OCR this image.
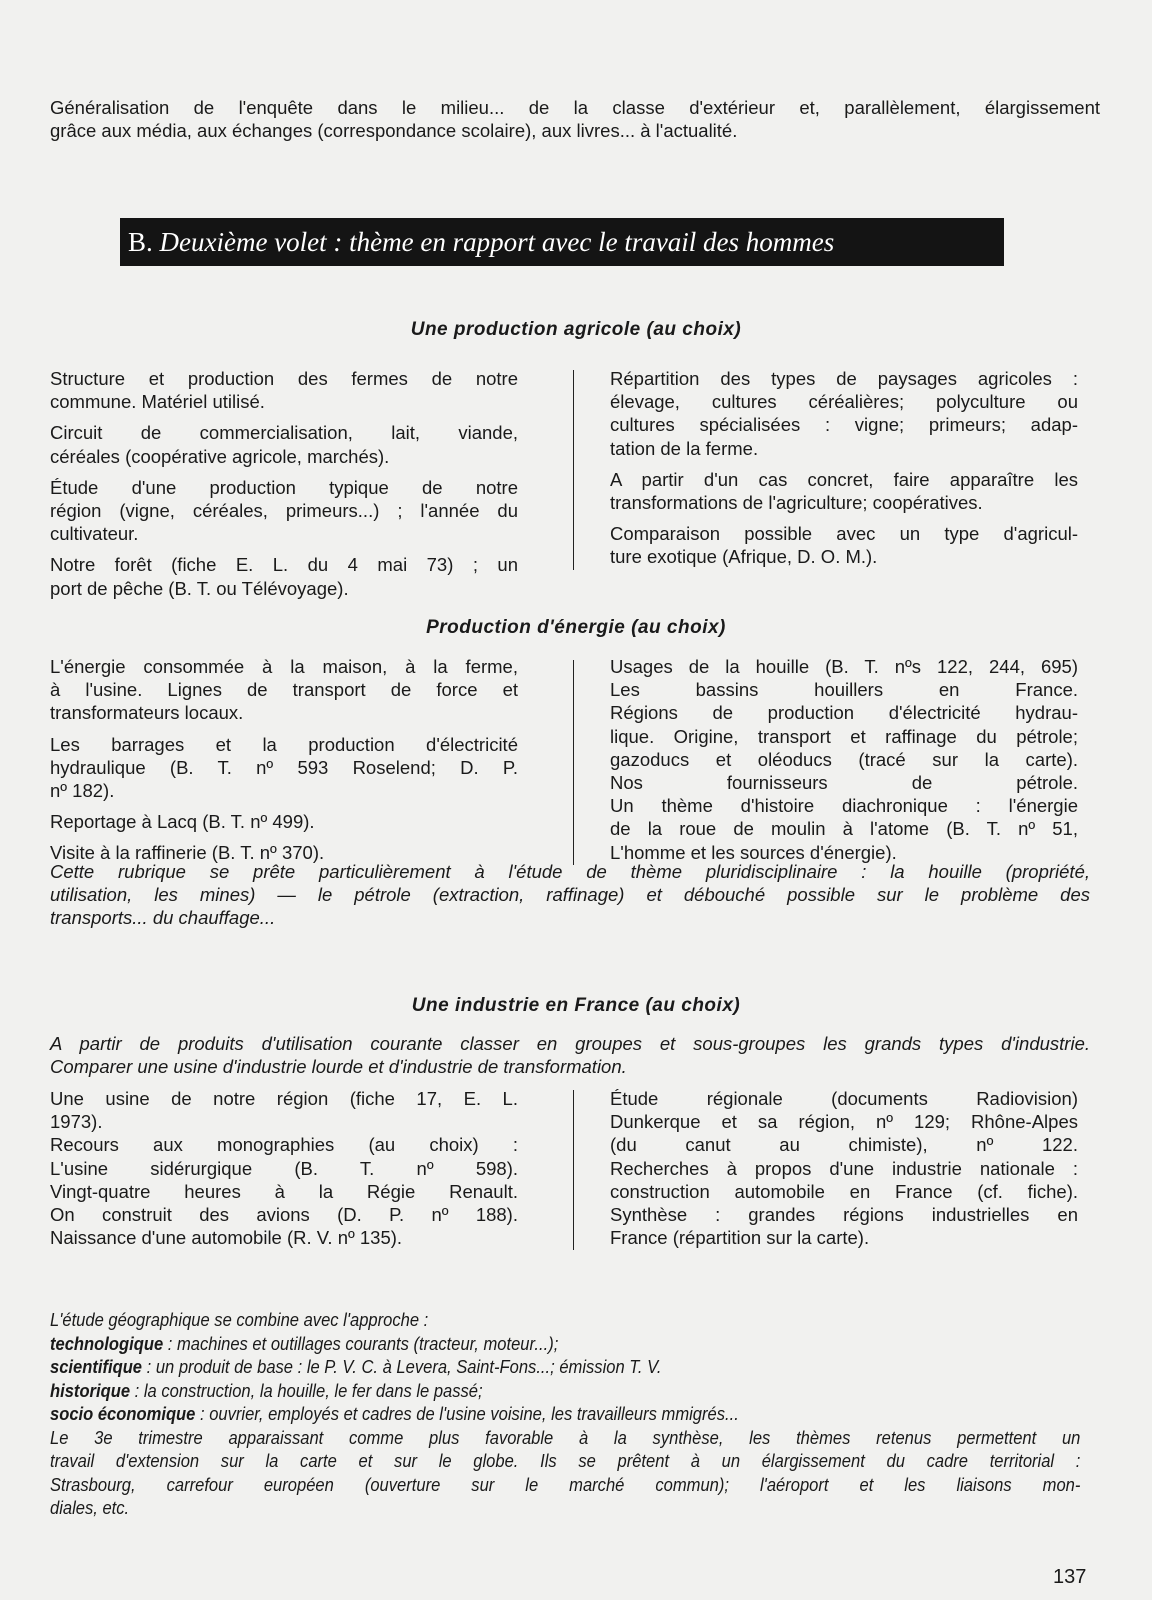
Généralisation de l'enquête dans le milieu... de la classe d'extérieur et, parallèlement, élargissement
grâce aux média, aux échanges (correspondance scolaire), aux livres... à l'actualité.
B. Deuxième volet : thème en rapport avec le travail des hommes
Une production agricole (au choix)
Structure et production des fermes de notre
commune. Matériel utilisé.
Circuit de commercialisation, lait, viande,
céréales (coopérative agricole, marchés).
Étude d'une production typique de notre
région (vigne, céréales, primeurs...) ; l'année du
cultivateur.
Notre forêt (fiche E. L. du 4 mai 73) ; un
port de pêche (B. T. ou Télévoyage).
Répartition des types de paysages agricoles :
élevage, cultures céréalières; polyculture ou
cultures spécialisées : vigne; primeurs; adap-
tation de la ferme.
A partir d'un cas concret, faire apparaître les
transformations de l'agriculture; coopératives.
Comparaison possible avec un type d'agricul-
ture exotique (Afrique, D. O. M.).
Production d'énergie (au choix)
L'énergie consommée à la maison, à la ferme,
à l'usine. Lignes de transport de force et
transformateurs locaux.
Les barrages et la production d'électricité
hydraulique (B. T. nº 593 Roselend; D. P.
nº 182).
Reportage à Lacq (B. T. nº 499).
Visite à la raffinerie (B. T. nº 370).
Usages de la houille (B. T. nºs 122, 244, 695)
Les bassins houillers en France.
Régions de production d'électricité hydrau-
lique. Origine, transport et raffinage du pétrole;
gazoducs et oléoducs (tracé sur la carte).
Nos fournisseurs de pétrole.
Un thème d'histoire diachronique : l'énergie
de la roue de moulin à l'atome (B. T. nº 51,
L'homme et les sources d'énergie).
Cette rubrique se prête particulièrement à l'étude de thème pluridisciplinaire : la houille (propriété,
utilisation, les mines) — le pétrole (extraction, raffinage) et débouché possible sur le problème des
transports... du chauffage...
Une industrie en France (au choix)
A partir de produits d'utilisation courante classer en groupes et sous-groupes les grands types d'industrie.
Comparer une usine d'industrie lourde et d'industrie de transformation.
Une usine de notre région (fiche 17, E. L.
1973).
Recours aux monographies (au choix) :
L'usine sidérurgique (B. T. nº 598).
Vingt-quatre heures à la Régie Renault.
On construit des avions (D. P. nº 188).
Naissance d'une automobile (R. V. nº 135).
Étude régionale (documents Radiovision)
Dunkerque et sa région, nº 129; Rhône-Alpes
(du canut au chimiste), nº 122.
Recherches à propos d'une industrie nationale :
construction automobile en France (cf. fiche).
Synthèse : grandes régions industrielles en
France (répartition sur la carte).
L'étude géographique se combine avec l'approche :
technologique : machines et outillages courants (tracteur, moteur...);
scientifique : un produit de base : le P. V. C. à Levera, Saint-Fons...; émission T. V.
historique : la construction, la houille, le fer dans le passé;
socio économique : ouvrier, employés et cadres de l'usine voisine, les travailleurs mmigrés...
Le 3e trimestre apparaissant comme plus favorable à la synthèse, les thèmes retenus permettent un
travail d'extension sur la carte et sur le globe. Ils se prêtent à un élargissement du cadre territorial :
Strasbourg, carrefour européen (ouverture sur le marché commun); l'aéroport et les liaisons mon-
diales, etc.
137
